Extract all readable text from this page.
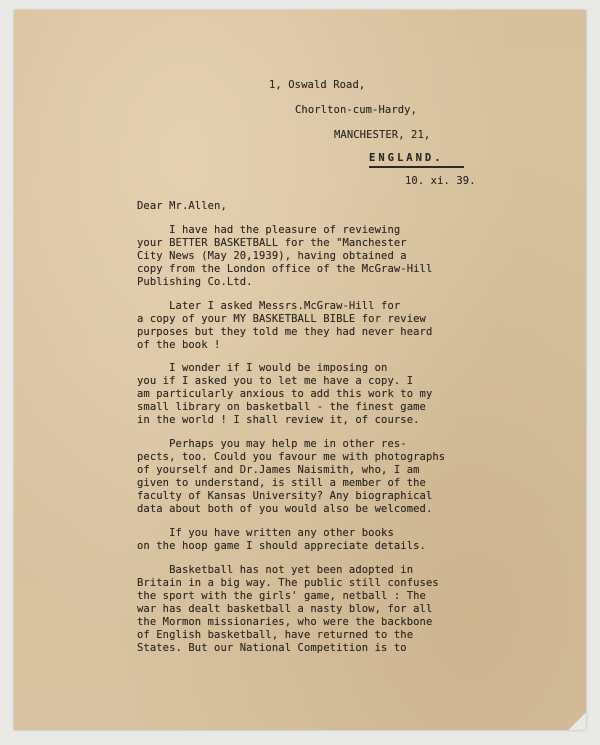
1, Oswald Road,
Chorlton-cum-Hardy,
MANCHESTER, 21,
ENGLAND.
10. xi. 39.
Dear Mr.Allen,
I have had the pleasure of reviewing
your BETTER BASKETBALL for the "Manchester
City News (May 20,1939), having obtained a
copy from the London office of the McGraw-Hill
Publishing Co.Ltd.
Later I asked Messrs.McGraw-Hill for
a copy of your MY BASKETBALL BIBLE for review
purposes but they told me they had never heard
of the book !
I wonder if I would be imposing on
you if I asked you to let me have a copy. I
am particularly anxious to add this work to my
small library on basketball - the finest game
in the world ! I shall review it, of course.
Perhaps you may help me in other res-
pects, too. Could you favour me with photographs
of yourself and Dr.James Naismith, who, I am
given to understand, is still a member of the
faculty of Kansas University? Any biographical
data about both of you would also be welcomed.
If you have written any other books
on the hoop game I should appreciate details.
Basketball has not yet been adopted in
Britain in a big way. The public still confuses
the sport with the girls' game, netball : The
war has dealt basketball a nasty blow, for all
the Mormon missionaries, who were the backbone
of English basketball, have returned to the
States. But our National Competition is to
